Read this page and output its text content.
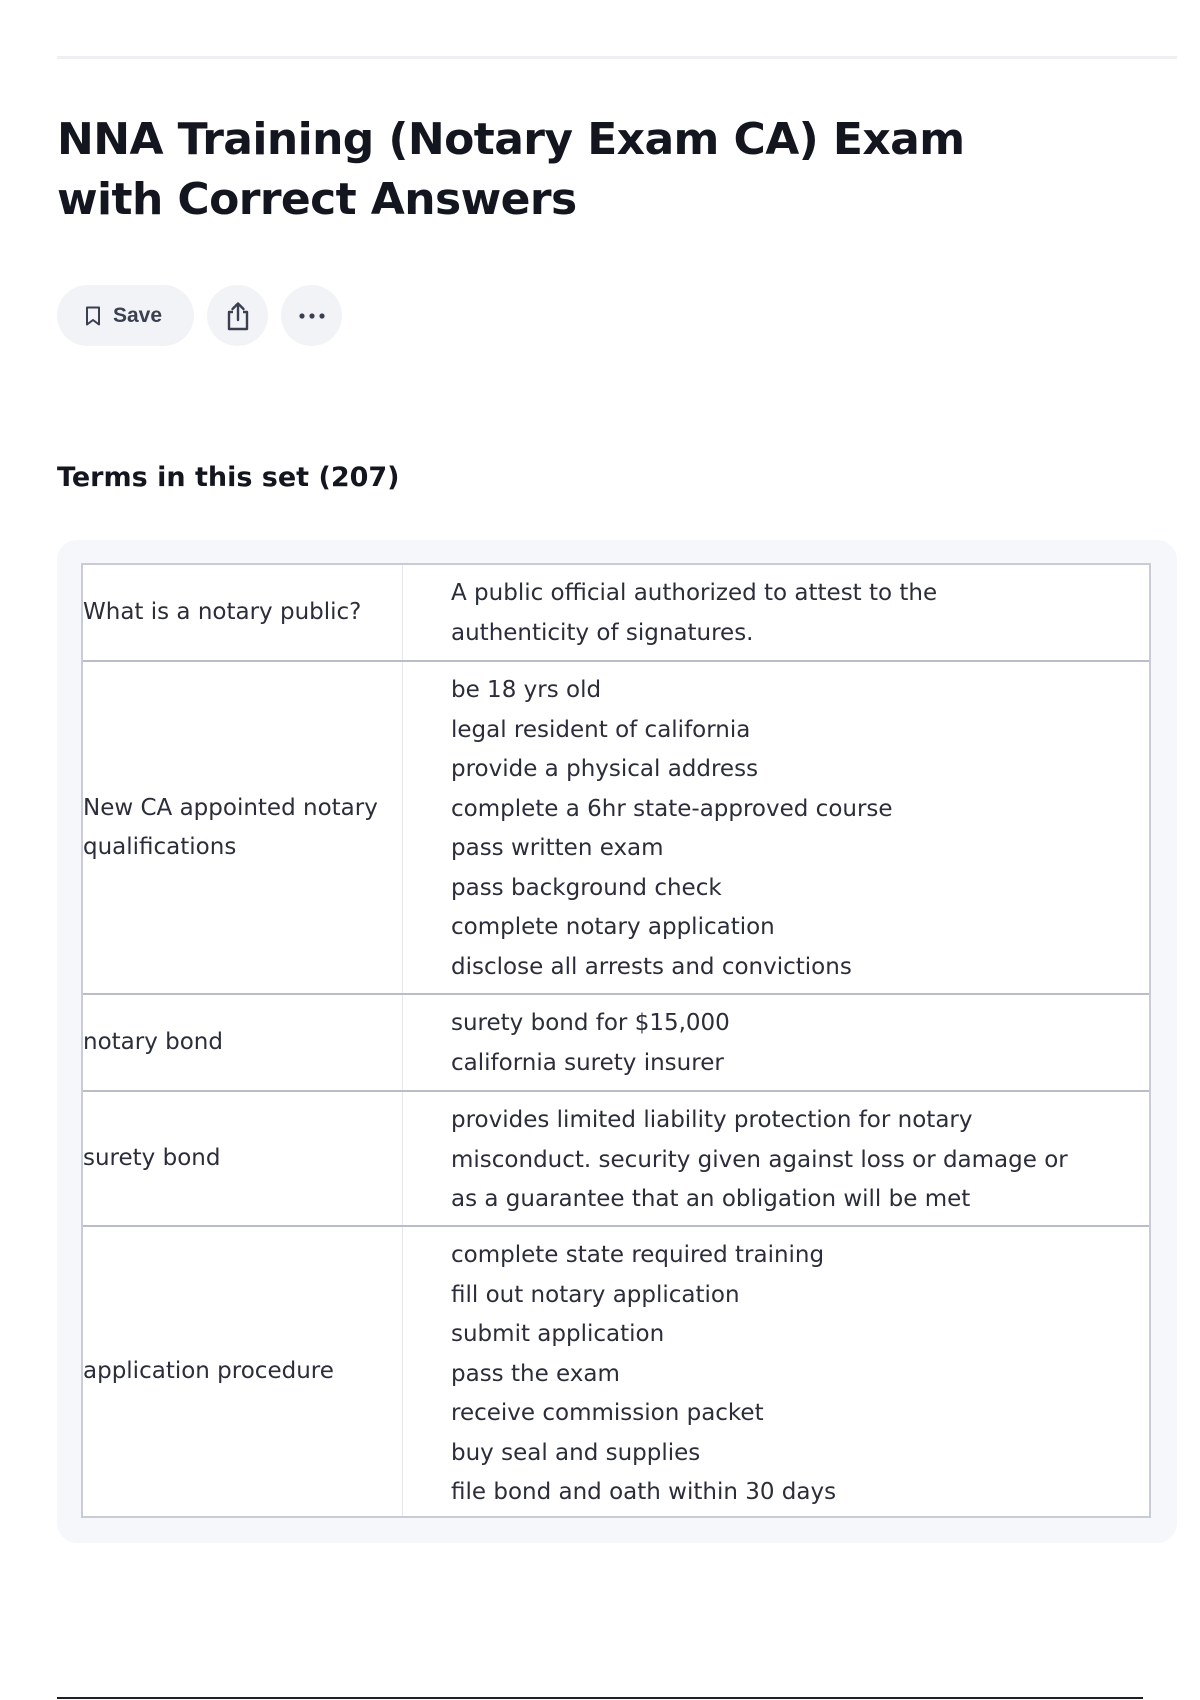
NNA Training (Notary Exam CA) Exam with Correct Answers
Save
Terms in this set (207)
What is a notary public?
A public official authorized to attest to the
authenticity of signatures.
New CA appointed notary qualifications
be 18 yrs old
legal resident of california
provide a physical address
complete a 6hr state-approved course
pass written exam
pass background check
complete notary application
disclose all arrests and convictions
notary bond
surety bond for $15,000
california surety insurer
surety bond
provides limited liability protection for notary
misconduct. security given against loss or damage or
as a guarantee that an obligation will be met
application procedure
complete state required training
fill out notary application
submit application
pass the exam
receive commission packet
buy seal and supplies
file bond and oath within 30 days
